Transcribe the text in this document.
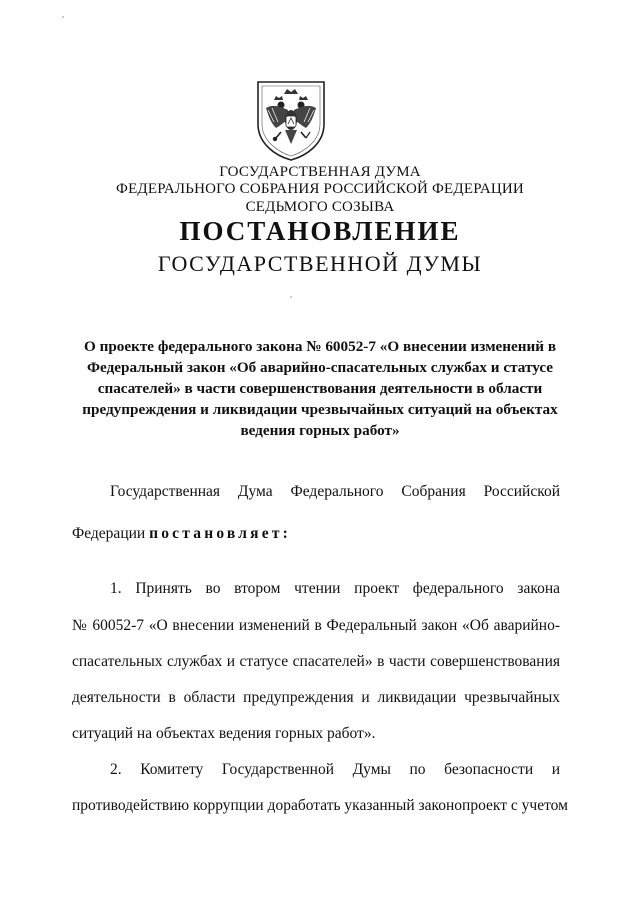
ГОСУДАРСТВЕННАЯ ДУМА
ФЕДЕРАЛЬНОГО СОБРАНИЯ РОССИЙСКОЙ ФЕДЕРАЦИИ
СЕДЬМОГО СОЗЫВА
ПОСТАНОВЛЕНИЕ
ГОСУДАРСТВЕННОЙ ДУМЫ
О проекте федерального закона № 60052-7 «О внесении изменений в
Федеральный закон «Об аварийно-спасательных службах и статусе
спасателей» в части совершенствования деятельности в области
предупреждения и ликвидации чрезвычайных ситуаций на объектах
ведения горных работ»
Государственная Дума Федерального Собрания Российской
Федерации постановляет:
1. Принять во втором чтении проект федерального закона
№ 60052-7 «О внесении изменений в Федеральный закон «Об аварийно-
спасательных службах и статусе спасателей» в части совершенствования
деятельности в области предупреждения и ликвидации чрезвычайных
ситуаций на объектах ведения горных работ».
2. Комитету Государственной Думы по безопасности и
противодействию коррупции доработать указанный законопроект с учетом
